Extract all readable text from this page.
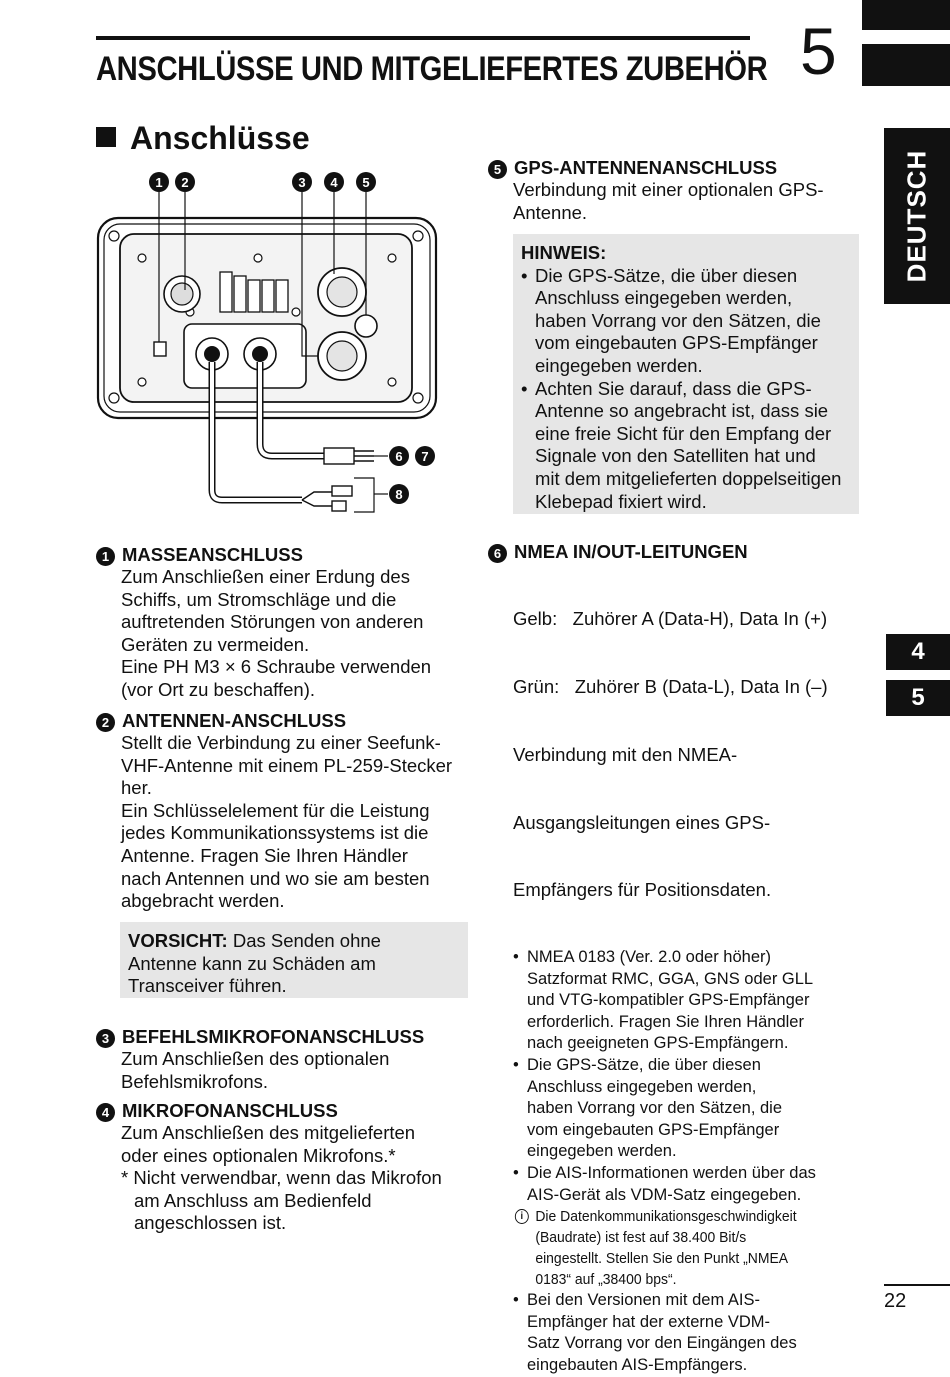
ANSCHLÜSSE UND MITGELIEFERTES ZUBEHÖR 5
DEUTSCH
4
5
Anschlüsse
1 2	3 4 5
6 7
8
1 MASSEANSCHLUSS

Zum Anschließen einer Erdung des

Schiffs, um Stromschläge und die

auftretenden Störungen von anderen

Geräten zu vermeiden.

Eine PH M3 × 6 Schraube verwenden

(vor Ort zu beschaffen).

2 ANTENNEN-ANSCHLUSS

Stellt die Verbindung zu einer Seefunk-

VHF-Antenne mit einem PL-259-Stecker

her.

Ein Schlüsselelement für die Leistung

jedes Kommunikationssystems ist die

Antenne. Fragen Sie Ihren Händler

nach Antennen und wo sie am besten

abgebracht werden.

VORSICHT: Das Senden ohne
Antenne kann zu Schäden am
Transceiver führen.
3 BEFEHLSMIKROFONANSCHLUSS

Zum Anschließen des optionalen

Befehlsmikrofons.

4 MIKROFONANSCHLUSS

Zum Anschließen des mitgelieferten

oder eines optionalen Mikrofons.*

* Nicht verwendbar, wenn das Mikrofon

am Anschluss am Bedienfeld

angeschlossen ist.

5 GPS-ANTENNENANSCHLUSS

Verbindung mit einer optionalen GPS-

Antenne.

HINWEIS:
• Die GPS-Sätze, die über diesen
Anschluss eingegeben werden,
haben Vorrang vor den Sätzen, die
vom eingebauten GPS-Empfänger
eingegeben werden.
• Achten Sie darauf, dass die GPS-
Antenne so angebracht ist, dass sie
eine freie Sicht für den Empfang der
Signale von den Satelliten hat und
mit dem mitgelieferten doppelseitigen
Klebepad fixiert wird.
6 NMEA IN/OUT-LEITUNGEN

Gelb:   Zuhörer A (Data-H), Data In (+)

Grün:   Zuhörer B (Data-L), Data In (–)

Verbindung mit den NMEA-

Ausgangsleitungen eines GPS-

Empfängers für Positionsdaten.

• NMEA 0183 (Ver. 2.0 oder höher)
Satzformat RMC, GGA, GNS oder GLL
und VTG-kompatibler GPS-Empfänger
erforderlich. Fragen Sie Ihren Händler
nach geeigneten GPS-Empfängern.
• Die GPS-Sätze, die über diesen
Anschluss eingegeben werden,
haben Vorrang vor den Sätzen, die
vom eingebauten GPS-Empfänger
eingegeben werden.
• Die AIS-Informationen werden über das
AIS-Gerät als VDM-Satz eingegeben.
i Die Datenkommunikationsgeschwindigkeit
(Baudrate) ist fest auf 38.400 Bit/s
eingestellt. Stellen Sie den Punkt „NMEA
0183“ auf „38400 bps“.
• Bei den Versionen mit dem AIS-
Empfänger hat der externe VDM-
Satz Vorrang vor den Eingängen des
eingebauten AIS-Empfängers.
22
